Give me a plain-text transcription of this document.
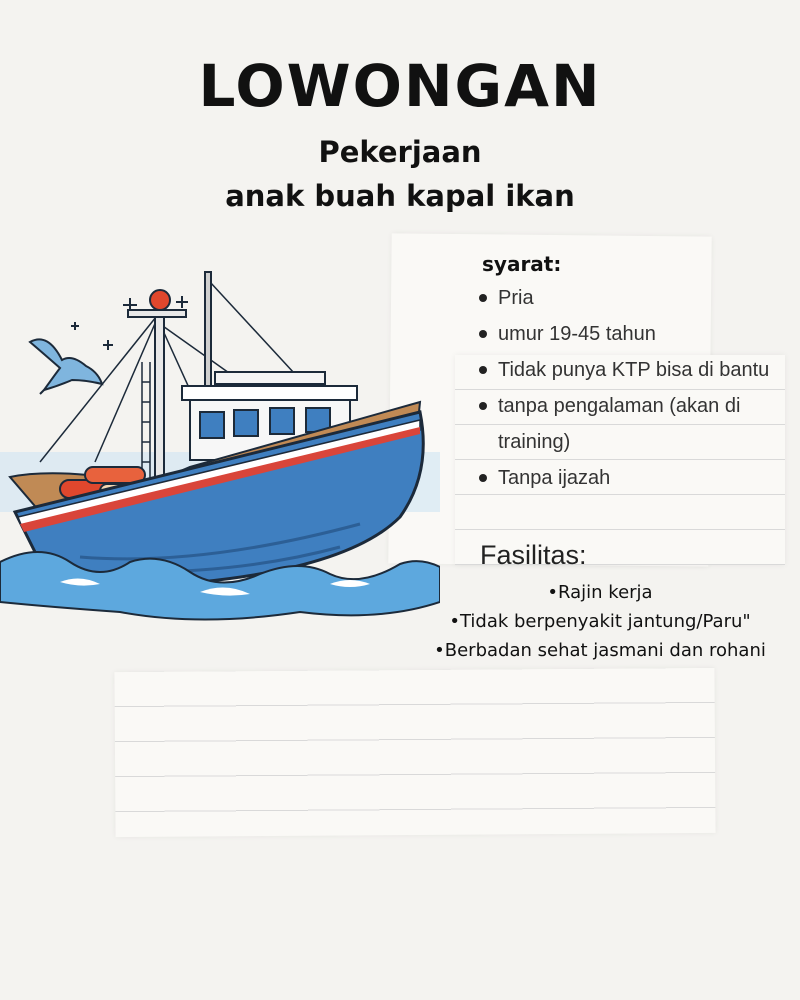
LOWONGAN
Pekerjaan
anak buah kapal ikan
syarat:
Pria
umur 19-45 tahun
Tidak punya KTP bisa di bantu
tanpa pengalaman (akan di training)
Tanpa ijazah
Fasilitas:
•Rajin kerja
•Tidak berpenyakit jantung/Paru"
•Berbadan sehat jasmani dan rohani
